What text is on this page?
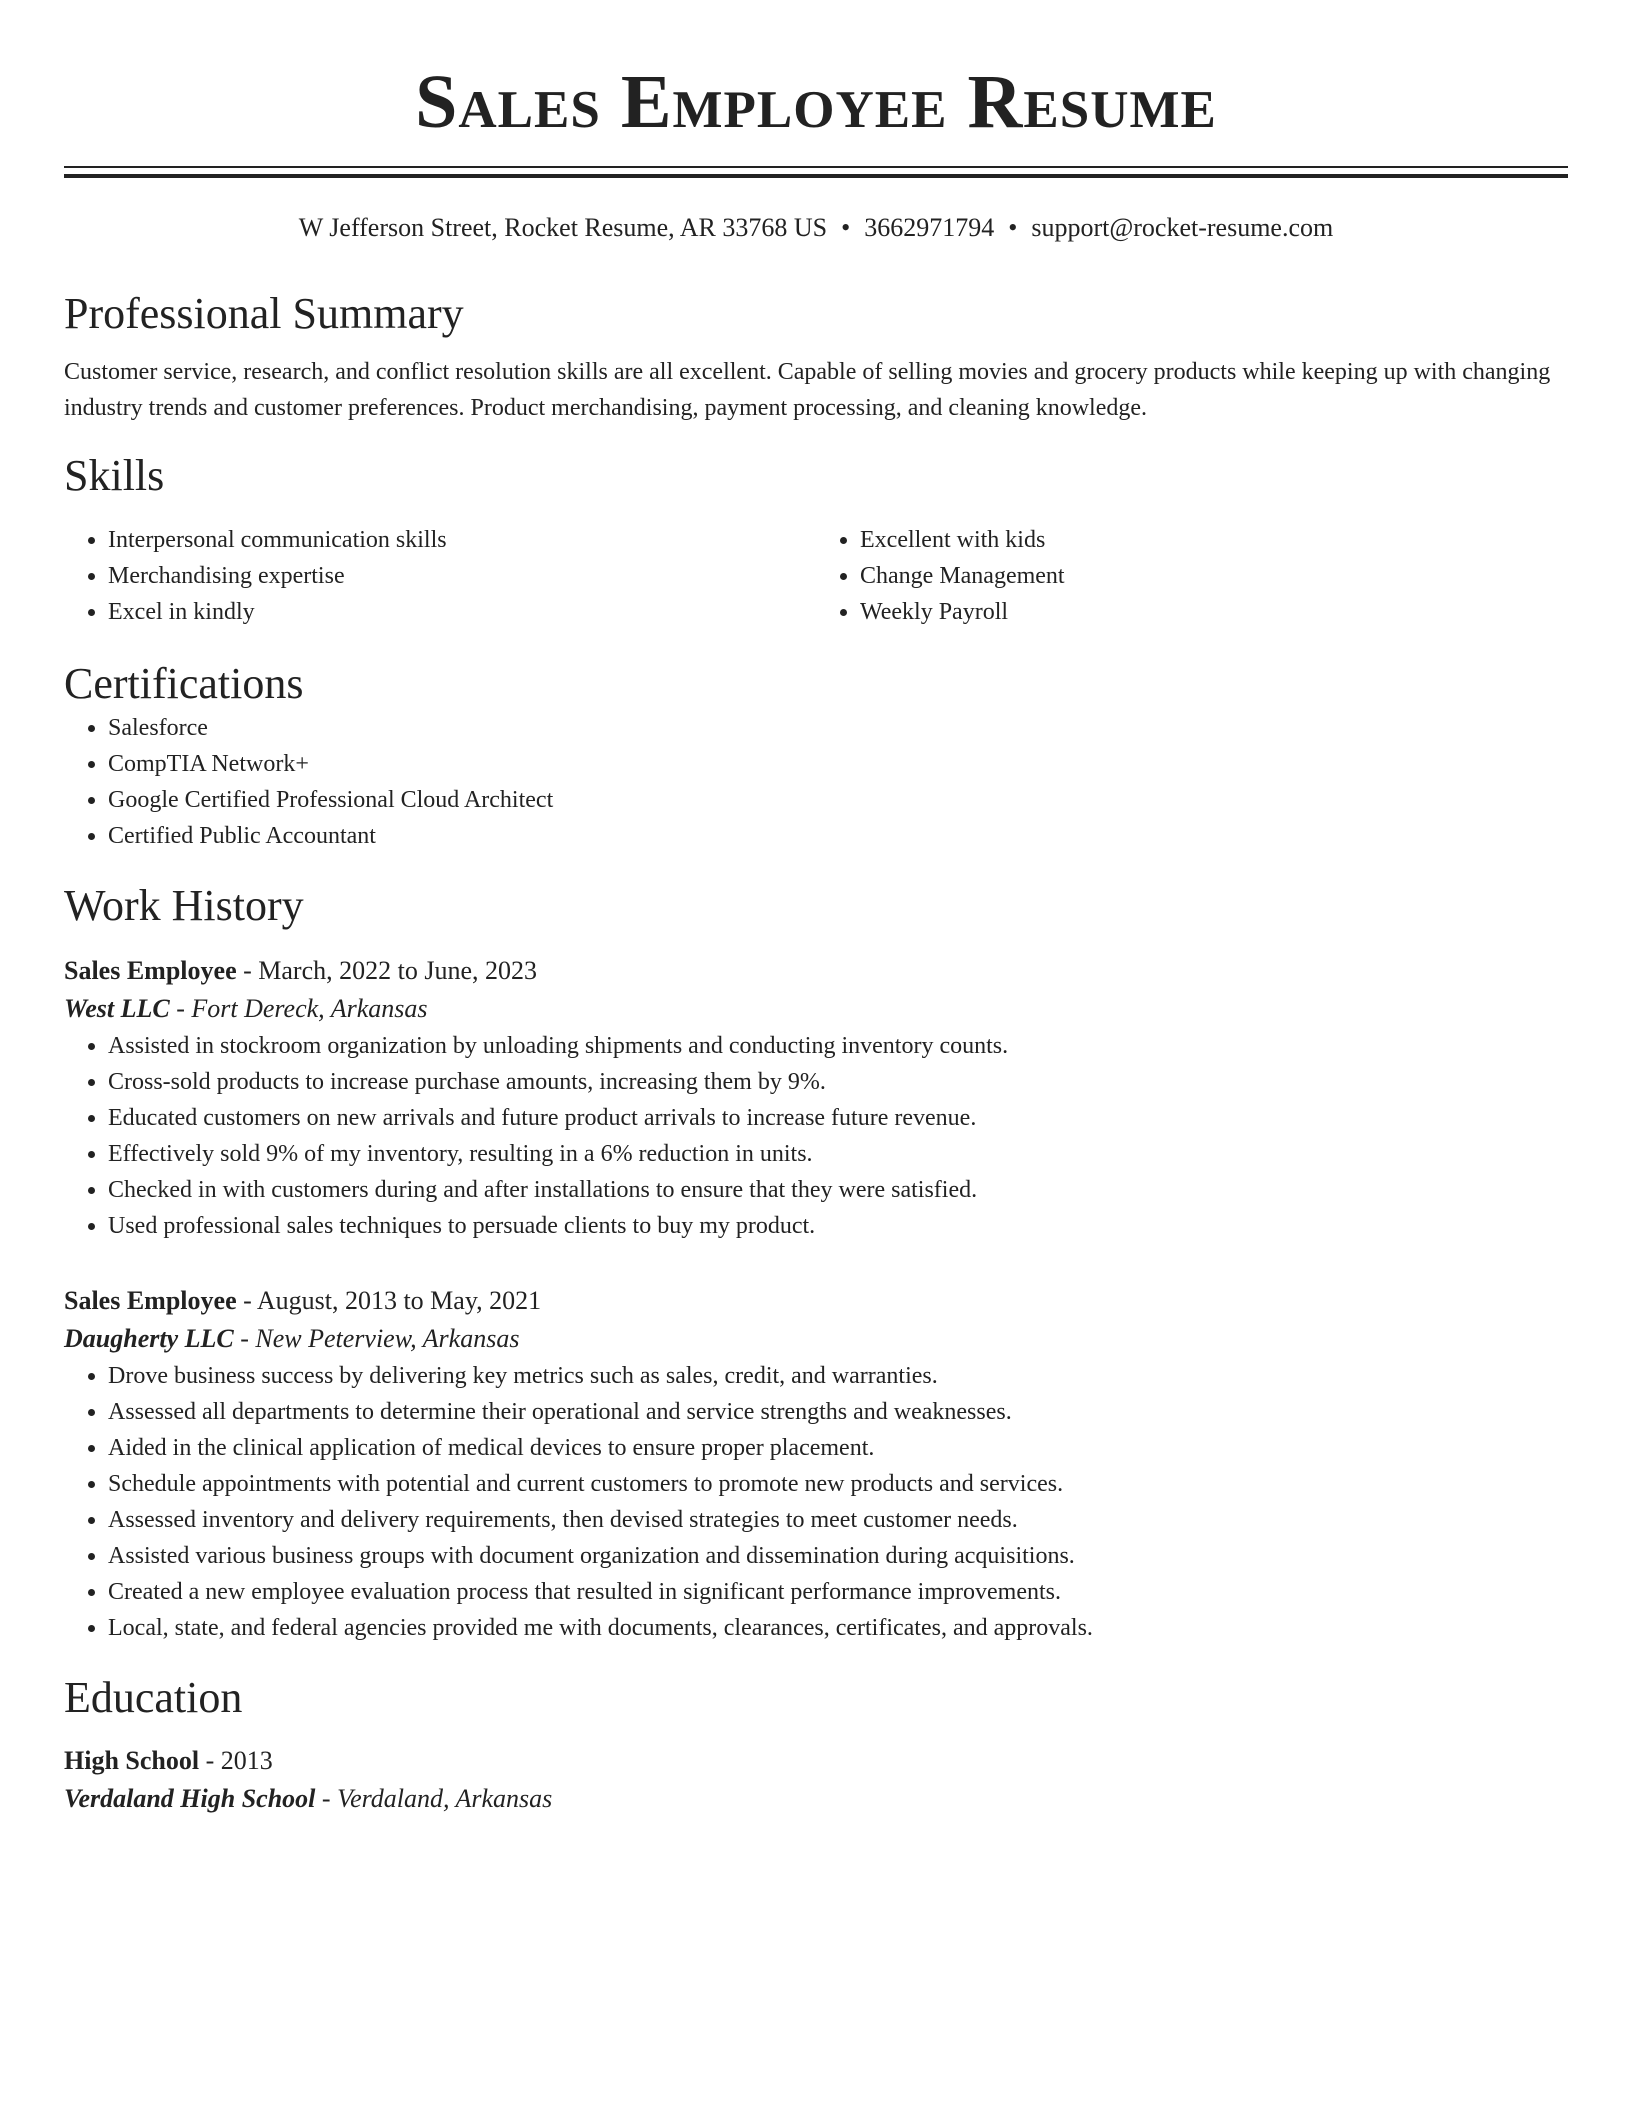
Sales Employee Resume
W Jefferson Street, Rocket Resume, AR 33768 US • 3662971794 • support@rocket-resume.com
Professional Summary

Customer service, research, and conflict resolution skills are all excellent. Capable of selling movies and grocery products while keeping up with changing industry trends and customer preferences. Product merchandising, payment processing, and cleaning knowledge.

Skills
• Interpersonal communication skills
• Merchandising expertise
• Excel in kindly
• Excellent with kids
• Change Management
• Weekly Payroll
Certifications
• Salesforce
• CompTIA Network+
• Google Certified Professional Cloud Architect
• Certified Public Accountant
Work History
Sales Employee - March, 2022 to June, 2023
West LLC - Fort Dereck, Arkansas
• Assisted in stockroom organization by unloading shipments and conducting inventory counts.
• Cross-sold products to increase purchase amounts, increasing them by 9%.
• Educated customers on new arrivals and future product arrivals to increase future revenue.
• Effectively sold 9% of my inventory, resulting in a 6% reduction in units.
• Checked in with customers during and after installations to ensure that they were satisfied.
• Used professional sales techniques to persuade clients to buy my product.
Sales Employee - August, 2013 to May, 2021
Daugherty LLC - New Peterview, Arkansas
• Drove business success by delivering key metrics such as sales, credit, and warranties.
• Assessed all departments to determine their operational and service strengths and weaknesses.
• Aided in the clinical application of medical devices to ensure proper placement.
• Schedule appointments with potential and current customers to promote new products and services.
• Assessed inventory and delivery requirements, then devised strategies to meet customer needs.
• Assisted various business groups with document organization and dissemination during acquisitions.
• Created a new employee evaluation process that resulted in significant performance improvements.
• Local, state, and federal agencies provided me with documents, clearances, certificates, and approvals.
Education
High School - 2013
Verdaland High School - Verdaland, Arkansas
